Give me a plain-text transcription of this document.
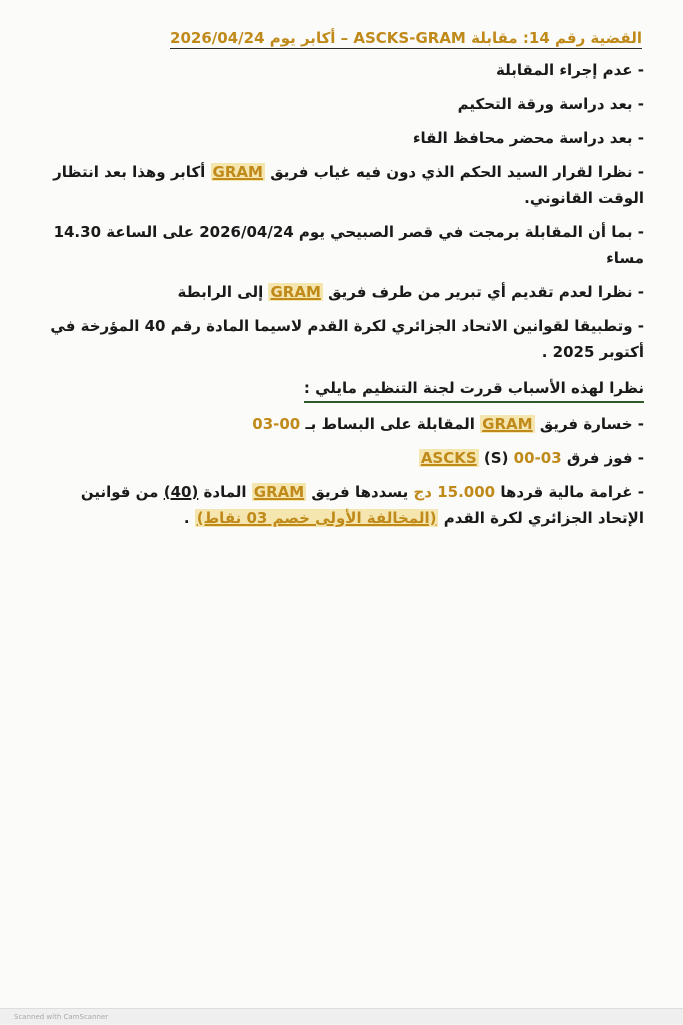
القضية رقم 14: مقابلة ASCKS-GRAM – أكابر يوم 2026/04/24
- عدم إجراء المقابلة
- بعد دراسة ورقة التحكيم
- بعد دراسة محضر محافظ القاء
- نظرا لقرار السيد الحكم الذي دون فيه غياب فريق GRAM أكابر وهذا بعد انتظار الوقت القانوني.
- بما أن المقابلة برمجت في قصر الصبيحي يوم 2026/04/24 على الساعة 14.30 مساء
- نظرا لعدم تقديم أي تبرير من طرف فريق GRAM إلى الرابطة
- وتطبيقا لقوانين الاتحاد الجزائري لكرة القدم لاسيما المادة رقم 40 المؤرخة في أكتوبر 2025 .
نظرا لهذه الأسباب قررت لجنة التنظيم مايلي :
- خسارة فريق GRAM المقابلة على البساط بـ 00-03
- فوز فرق ASCKS (S) 00-03
- غرامة مالية قردها 15.000 دج يسددها فريق GRAM المادة (40) من قوانين الإتحاد الجزائري لكرة القدم (المخالفة الأولى خصم 03 نقاط) .
Scanned with CamScanner
